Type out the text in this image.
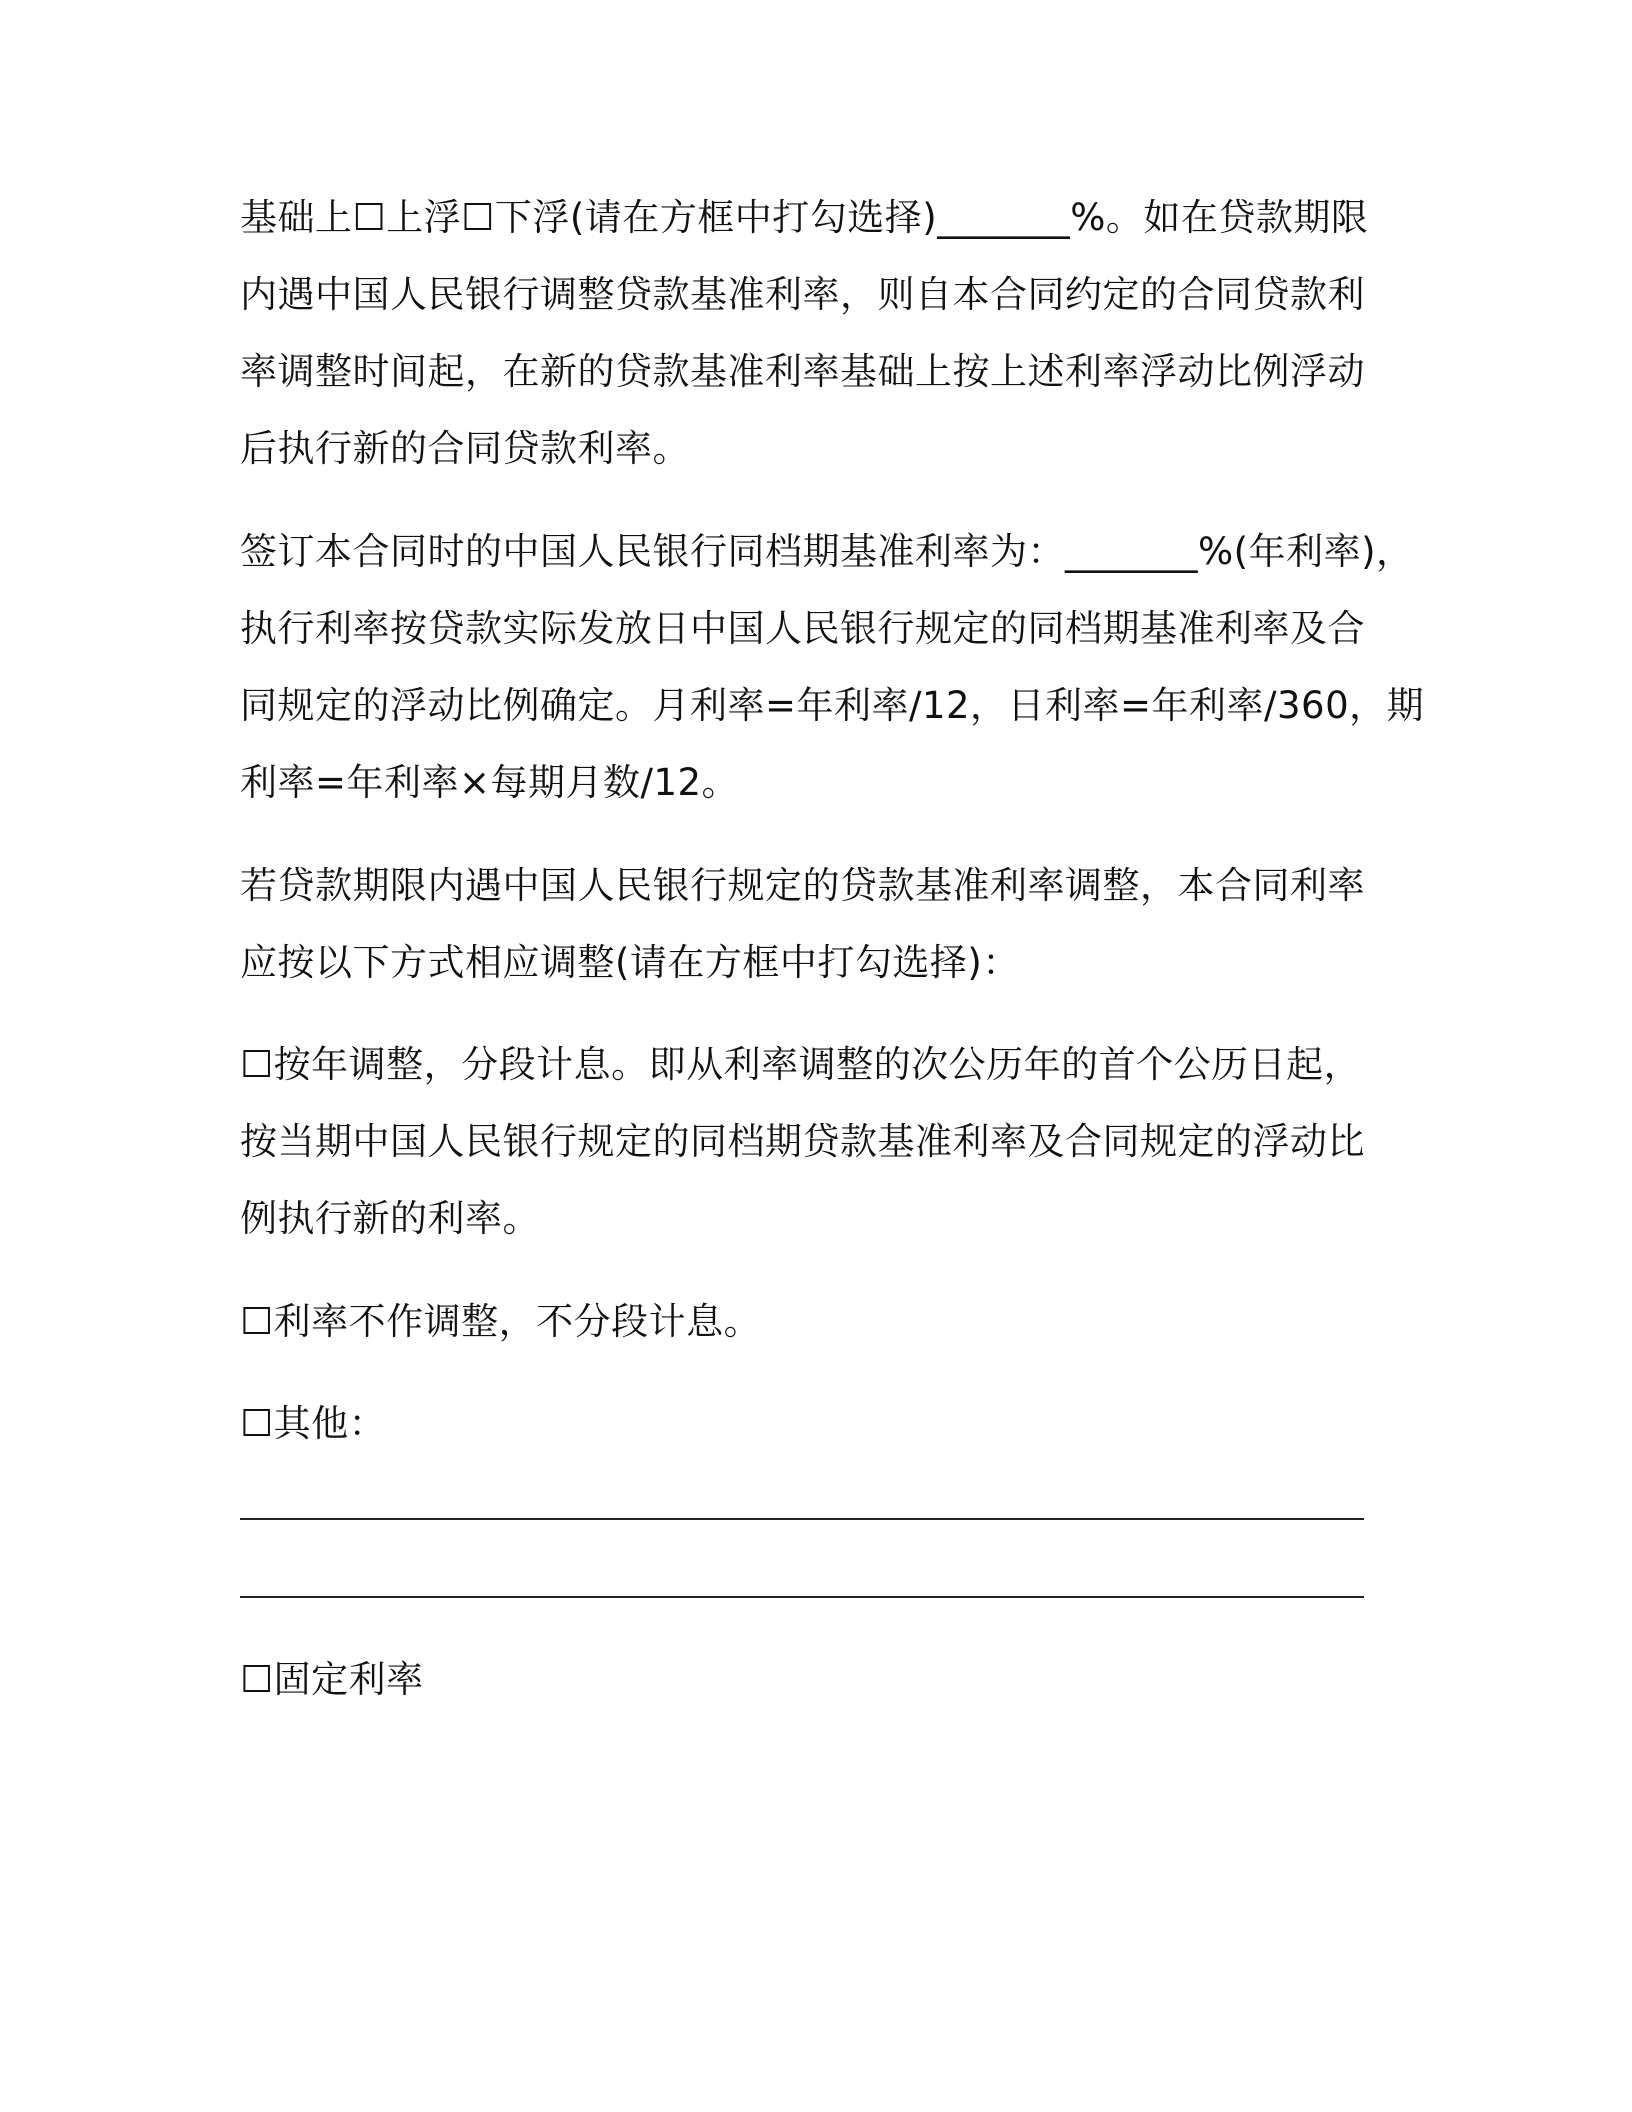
基础上☐上浮☐下浮(请在方框中打勾选择)_______%。如在贷款期限
内遇中国人民银行调整贷款基准利率，则自本合同约定的合同贷款利
率调整时间起，在新的贷款基准利率基础上按上述利率浮动比例浮动
后执行新的合同贷款利率。
签订本合同时的中国人民银行同档期基准利率为：_______%(年利率)，
执行利率按贷款实际发放日中国人民银行规定的同档期基准利率及合
同规定的浮动比例确定。月利率=年利率/12，日利率=年利率/360，期
利率=年利率×每期月数/12。
若贷款期限内遇中国人民银行规定的贷款基准利率调整，本合同利率
应按以下方式相应调整(请在方框中打勾选择)：
☐按年调整，分段计息。即从利率调整的次公历年的首个公历日起，
按当期中国人民银行规定的同档期贷款基准利率及合同规定的浮动比
例执行新的利率。
☐利率不作调整，不分段计息。
☐其他：
☐固定利率
